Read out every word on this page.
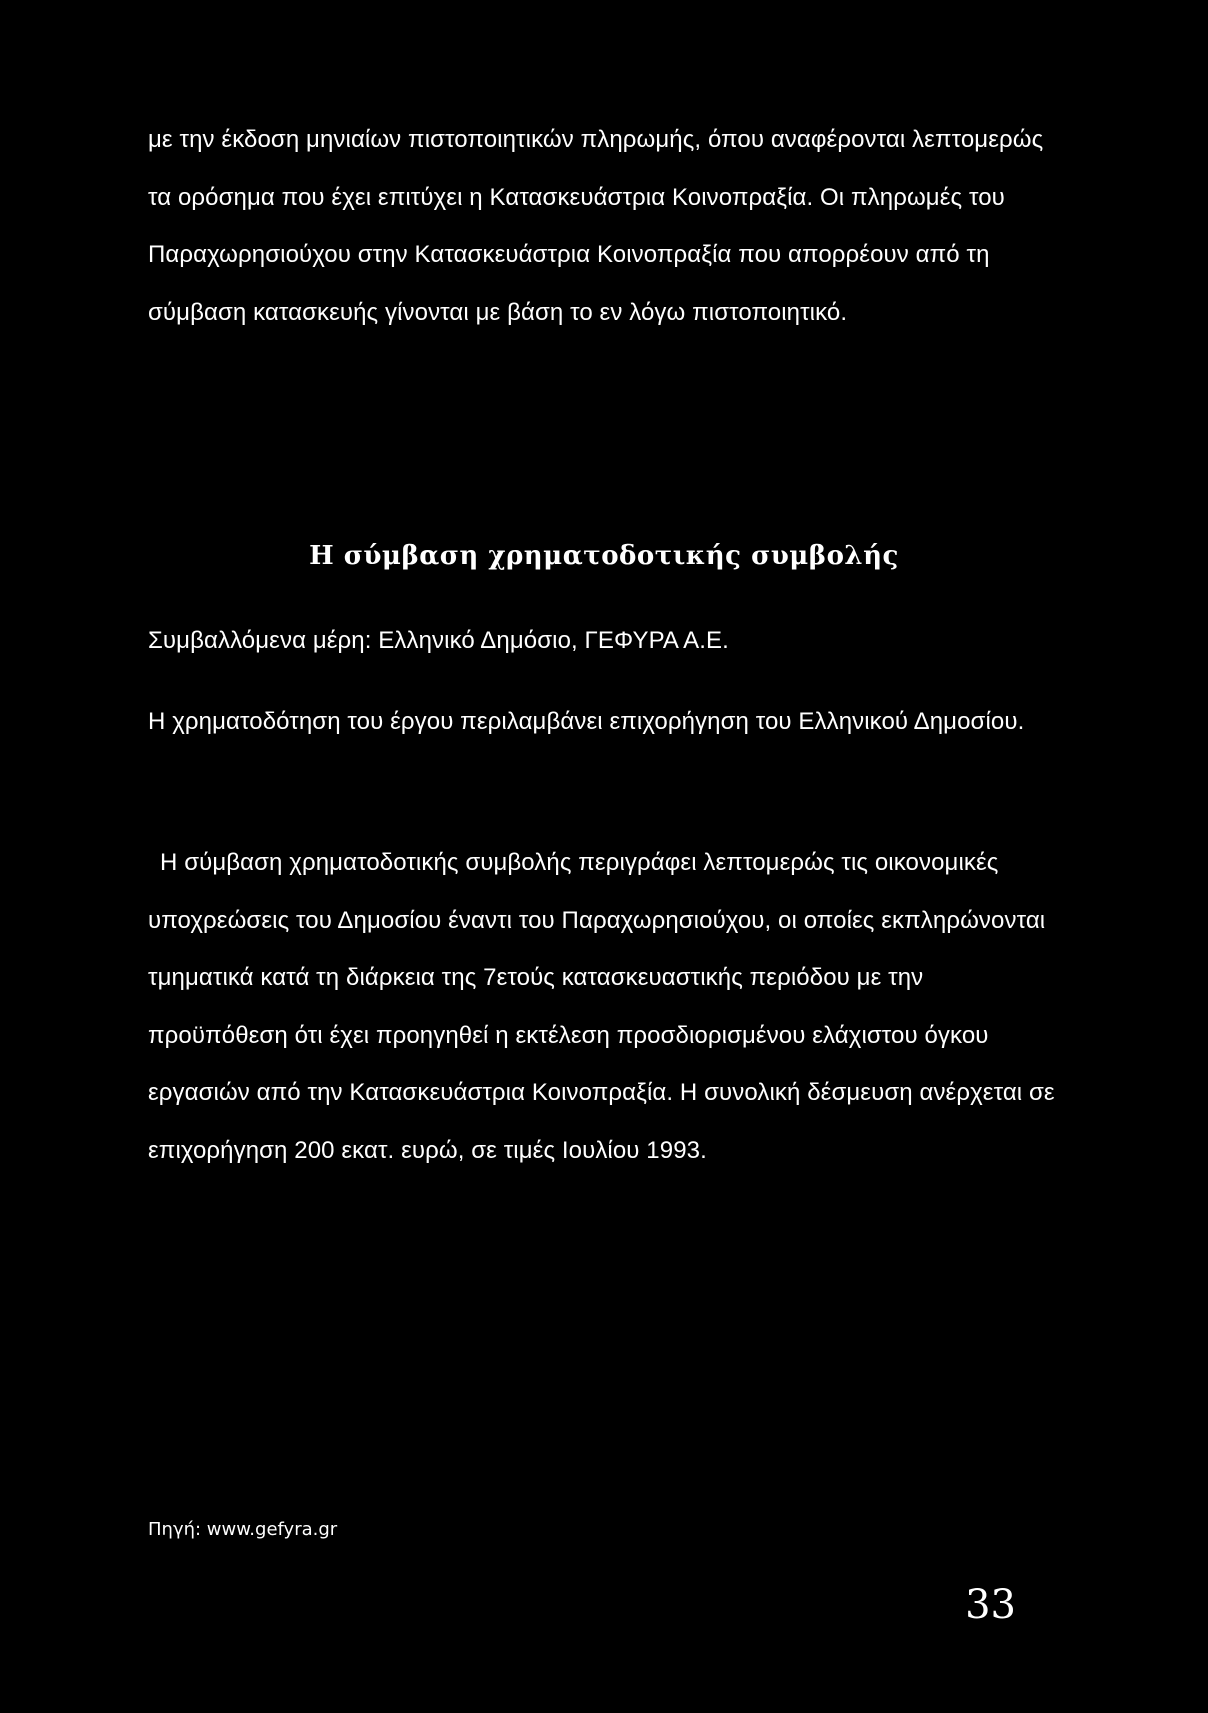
με την έκδοση μηνιαίων πιστοποιητικών πληρωμής, όπου αναφέρονται λεπτομερώς τα ορόσημα που έχει επιτύχει η Κατασκευάστρια Κοινοπραξία. Οι πληρωμές του Παραχωρησιούχου στην Κατασκευάστρια Κοινοπραξία που απορρέουν από τη σύμβαση κατασκευής γίνονται με βάση το εν λόγω πιστοποιητικό.
Η σύμβαση χρηματοδοτικής συμβολής
Συμβαλλόμενα μέρη: Ελληνικό Δημόσιο, ΓΕΦΥΡΑ Α.Ε.
Η χρηματοδότηση του έργου περιλαμβάνει επιχορήγηση του Ελληνικού Δημοσίου.
Η σύμβαση χρηματοδοτικής συμβολής περιγράφει λεπτομερώς τις οικονομικές υποχρεώσεις του Δημοσίου έναντι του Παραχωρησιούχου, οι οποίες εκπληρώνονται τμηματικά κατά τη διάρκεια της 7ετούς κατασκευαστικής περιόδου με την προϋπόθεση ότι έχει προηγηθεί η εκτέλεση προσδιορισμένου ελάχιστου όγκου εργασιών από την Κατασκευάστρια Κοινοπραξία. Η συνολική δέσμευση ανέρχεται σε επιχορήγηση 200 εκατ. ευρώ, σε τιμές Ιουλίου 1993.
Πηγή: www.gefyra.gr
33
